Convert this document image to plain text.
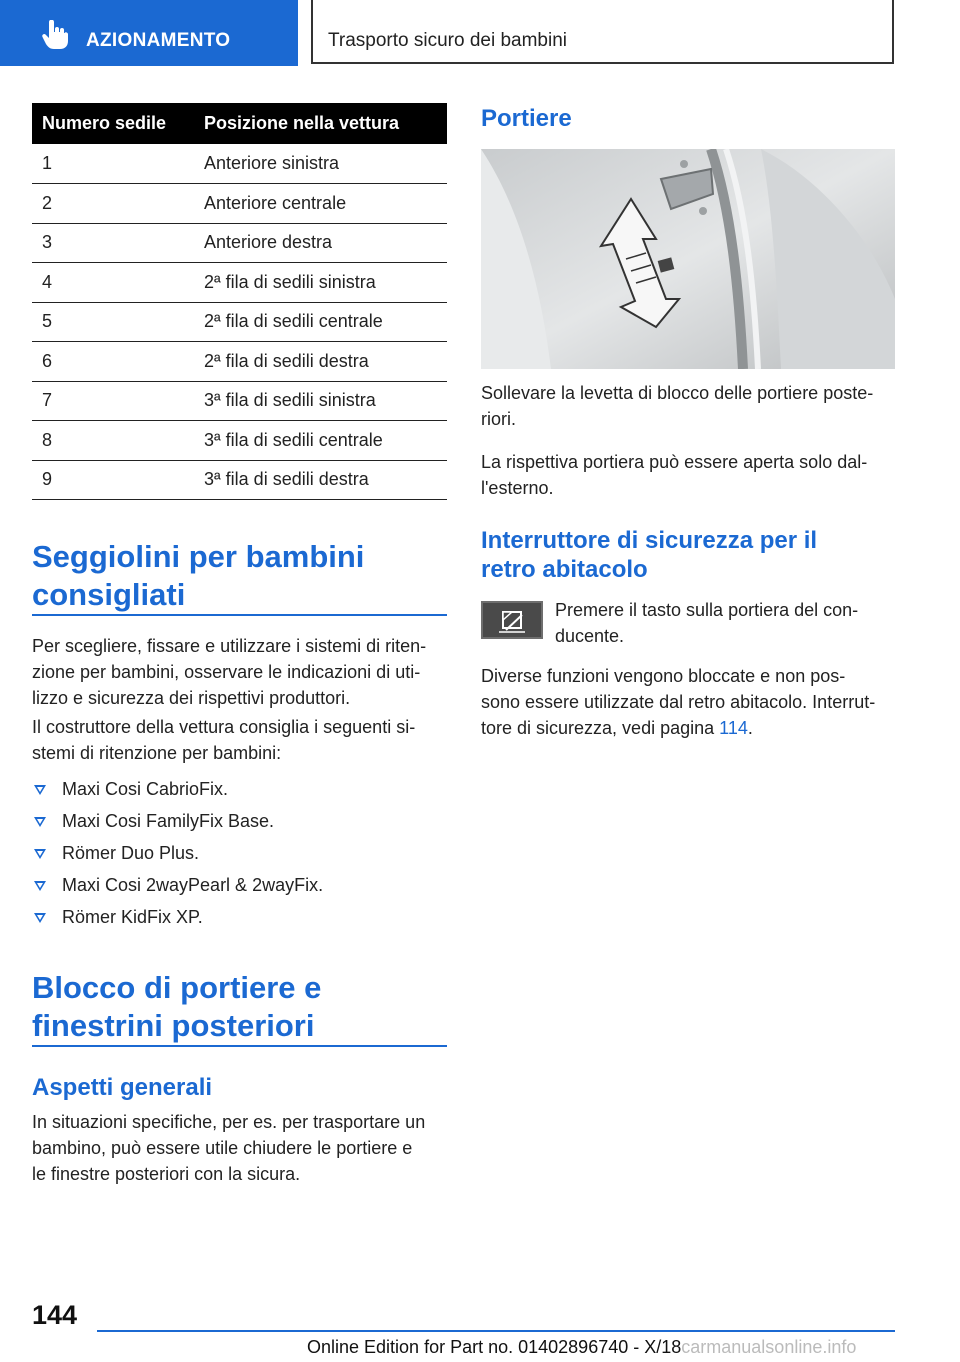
AZIONAMENTO	Trasporto sicuro dei bambini
Numero sedile	Posizione nella vettura
1	Anteriore sinistra
2	Anteriore centrale
3	Anteriore destra
4	2ª fila di sedili sinistra
5	2ª fila di sedili centrale
6	2ª fila di sedili destra
7	3ª fila di sedili sinistra
8	3ª fila di sedili centrale
9	3ª fila di sedili destra
Seggiolini per bambini
consigliati

Per scegliere, fissare e utilizzare i sistemi di riten-
zione per bambini, osservare le indicazioni di uti-
lizzo e sicurezza dei rispettivi produttori.

Il costruttore della vettura consiglia i seguenti si-
stemi di ritenzione per bambini:

Maxi Cosi CabrioFix.
Maxi Cosi FamilyFix Base.
Römer Duo Plus.
Maxi Cosi 2wayPearl & 2wayFix.
Römer KidFix XP.
Blocco di portiere e
finestrini posteriori
Aspetti generali

In situazioni specifiche, per es. per trasportare un
bambino, può essere utile chiudere le portiere e
le finestre posteriori con la sicura.

Portiere

Sollevare la levetta di blocco delle portiere poste-
riori.

La rispettiva portiera può essere aperta solo dal-
l'esterno.

Interruttore di sicurezza per il
retro abitacolo

Premere il tasto sulla portiera del con-
ducente.

Diverse funzioni vengono bloccate e non pos-
sono essere utilizzate dal retro abitacolo. Interrut-
tore di sicurezza, vedi pagina 114.

144
Online Edition for Part no. 01402896740 - X/18carmanualsonline.info
